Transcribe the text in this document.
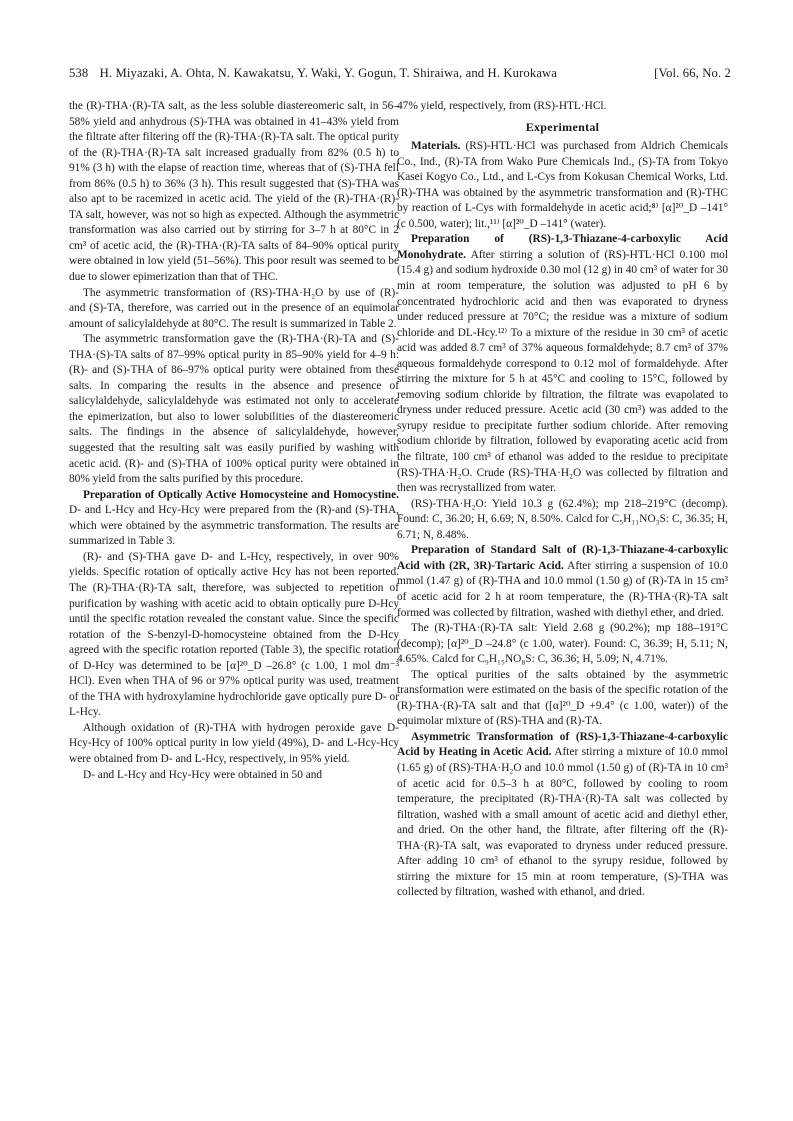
538 H. Miyazaki, A. Ohta, N. Kawakatsu, Y. Waki, Y. Gogun, T. Shiraiwa, and H. Kurokawa	[Vol. 66, No. 2

the (R)-THA·(R)-TA salt, as the less soluble diastereomeric salt, in 56–58% yield and anhydrous (S)-THA was obtained in 41–43% yield from the filtrate after filtering off the (R)-THA·(R)-TA salt. The optical purity of the (R)-THA·(R)-TA salt increased gradually from 82% (0.5 h) to 91% (3 h) with the elapse of reaction time, whereas that of (S)-THA fell from 86% (0.5 h) to 36% (3 h). This result suggested that (S)-THA was also apt to be racemized in acetic acid. The yield of the (R)-THA·(R)-TA salt, however, was not so high as expected. Although the asymmetric transformation was also carried out by stirring for 3–7 h at 80°C in 2 cm³ of acetic acid, the (R)-THA·(R)-TA salts of 84–90% optical purity were obtained in low yield (51–56%). This poor result was seemed to be due to slower epimerization than that of THC.

The asymmetric transformation of (RS)-THA·H₂O by use of (R)- and (S)-TA, therefore, was carried out in the presence of an equimolar amount of salicylaldehyde at 80°C. The result is summarized in Table 2.

The asymmetric transformation gave the (R)-THA·(R)-TA and (S)-THA·(S)-TA salts of 87–99% optical purity in 85–90% yield for 4–9 h: (R)- and (S)-THA of 86–97% optical purity were obtained from these salts. In comparing the results in the absence and presence of salicylaldehyde, salicylaldehyde was estimated not only to accelerate the epimerization, but also to lower solubilities of the diastereomeric salts. The findings in the absence of salicylaldehyde, however, suggested that the resulting salt was easily purified by washing with acetic acid. (R)- and (S)-THA of 100% optical purity were obtained in 80% yield from the salts purified by this procedure.

Preparation of Optically Active Homocysteine and Homocystine. D- and L-Hcy and Hcy-Hcy were prepared from the (R)-and (S)-THA, which were obtained by the asymmetric transformation. The results are summarized in Table 3.

(R)- and (S)-THA gave D- and L-Hcy, respectively, in over 90% yields. Specific rotation of optically active Hcy has not been reported. The (R)-THA·(R)-TA salt, therefore, was subjected to repetition of purification by washing with acetic acid to obtain optically pure D-Hcy until the specific rotation revealed the constant value. Since the specific rotation of the S-benzyl-D-homocysteine obtained from the D-Hcy agreed with the specific rotation reported (Table 3), the specific rotation of D-Hcy was determined to be [α]²⁰_D –26.8° (c 1.00, 1 mol dm⁻³ HCl). Even when THA of 96 or 97% optical purity was used, treatment of the THA with hydroxylamine hydrochloride gave optically pure D- or L-Hcy.

Although oxidation of (R)-THA with hydrogen peroxide gave D-Hcy-Hcy of 100% optical purity in low yield (49%), D- and L-Hcy-Hcy were obtained from D- and L-Hcy, respectively, in 95% yield.

D- and L-Hcy and Hcy-Hcy were obtained in 50 and

47% yield, respectively, from (RS)-HTL·HCl.

Experimental

Materials. (RS)-HTL·HCl was purchased from Aldrich Chemicals Co., Ind., (R)-TA from Wako Pure Chemicals Ind., (S)-TA from Tokyo Kasei Kogyo Co., Ltd., and L-Cys from Kokusan Chemical Works, Ltd. (R)-THA was obtained by the asymmetric transformation and (R)-THC by reaction of L-Cys with formaldehyde in acetic acid;⁸⁾ [α]²⁰_D –141° (c 0.500, water); lit.,¹¹⁾ [α]²⁰_D –141° (water).

Preparation of (RS)-1,3-Thiazane-4-carboxylic Acid Monohydrate. After stirring a solution of (RS)-HTL·HCl 0.100 mol (15.4 g) and sodium hydroxide 0.30 mol (12 g) in 40 cm³ of water for 30 min at room temperature, the solution was adjusted to pH 6 by concentrated hydrochloric acid and then was evaporated to dryness under reduced pressure at 70°C; the residue was a mixture of sodium chloride and DL-Hcy.¹²⁾ To a mixture of the residue in 30 cm³ of acetic acid was added 8.7 cm³ of 37% aqueous formaldehyde; 8.7 cm³ of 37% aqueous formaldehyde correspond to 0.12 mol of formaldehyde. After stirring the mixture for 5 h at 45°C and cooling to 15°C, followed by removing sodium chloride by filtration, the filtrate was evapolated to dryness under reduced pressure. Acetic acid (30 cm³) was added to the syrupy residue to precipitate further sodium chloride. After removing sodium chloride by filtration, followed by evaporating acetic acid from the filtrate, 100 cm³ of ethanol was added to the residue to precipitate (RS)-THA·H₂O. Crude (RS)-THA·H₂O was collected by filtration and then was recrystallized from water.

(RS)-THA·H₂O: Yield 10.3 g (62.4%); mp 218–219°C (decomp). Found: C, 36.20; H, 6.69; N, 8.50%. Calcd for C₅H₁₁NO₃S: C, 36.35; H, 6.71; N, 8.48%.

Preparation of Standard Salt of (R)-1,3-Thiazane-4-carboxylic Acid with (2R, 3R)-Tartaric Acid. After stirring a suspension of 10.0 mmol (1.47 g) of (R)-THA and 10.0 mmol (1.50 g) of (R)-TA in 15 cm³ of acetic acid for 2 h at room temperature, the (R)-THA·(R)-TA salt formed was collected by filtration, washed with diethyl ether, and dried.

The (R)-THA·(R)-TA salt: Yield 2.68 g (90.2%); mp 188–191°C (decomp); [α]²⁰_D –24.8° (c 1.00, water). Found: C, 36.39; H, 5.11; N, 4.65%. Calcd for C₉H₁₅NO₈S: C, 36.36; H, 5.09; N, 4.71%.

The optical purities of the salts obtained by the asymmetric transformation were estimated on the basis of the specific rotation of the (R)-THA·(R)-TA salt and that ([α]²⁰_D +9.4° (c 1.00, water)) of the equimolar mixture of (RS)-THA and (R)-TA.

Asymmetric Transformation of (RS)-1,3-Thiazane-4-carboxylic Acid by Heating in Acetic Acid. After stirring a mixture of 10.0 mmol (1.65 g) of (RS)-THA·H₂O and 10.0 mmol (1.50 g) of (R)-TA in 10 cm³ of acetic acid for 0.5–3 h at 80°C, followed by cooling to room temperature, the precipitated (R)-THA·(R)-TA salt was collected by filtration, washed with a small amount of acetic acid and diethyl ether, and dried. On the other hand, the filtrate, after filtering off the (R)-THA·(R)-TA salt, was evaporated to dryness under reduced pressure. After adding 10 cm³ of ethanol to the syrupy residue, followed by stirring the mixture for 15 min at room temperature, (S)-THA was collected by filtration, washed with ethanol, and dried.
